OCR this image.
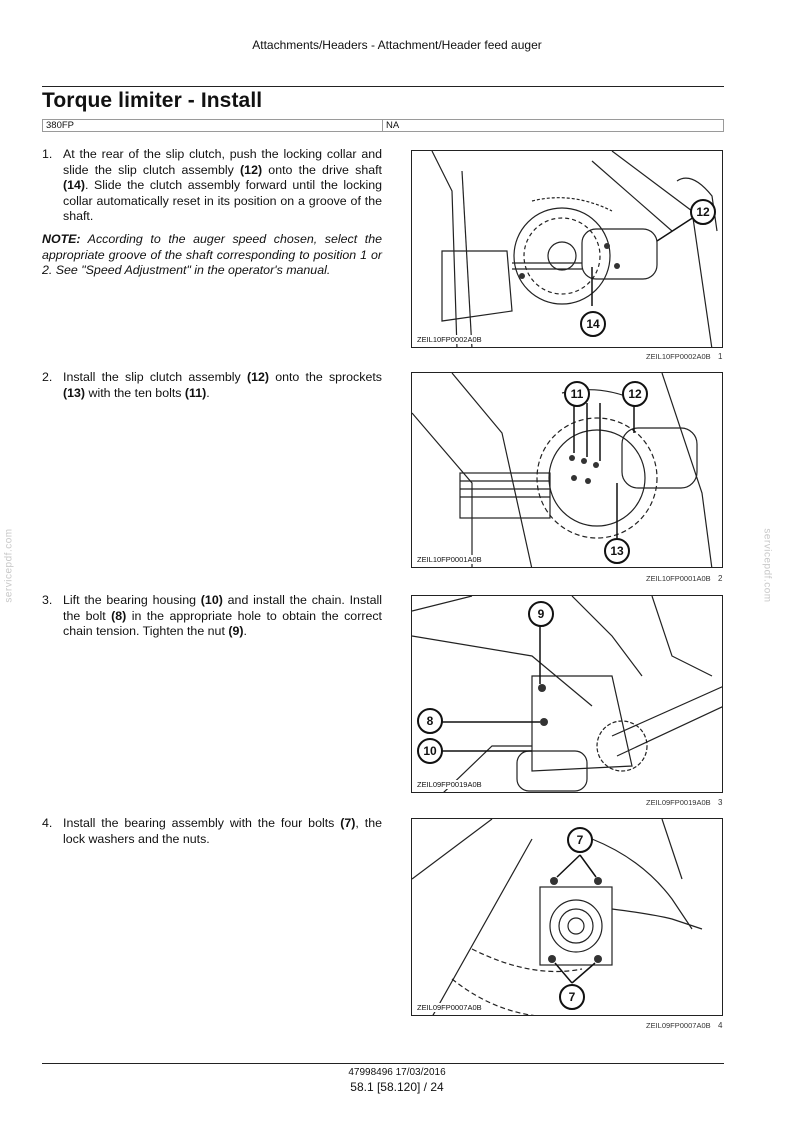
Attachments/Headers - Attachment/Header feed auger
Torque limiter - Install
380FP	NA
1. At the rear of the slip clutch, push the locking collar and slide the slip clutch assembly (12) onto the drive shaft (14). Slide the clutch assembly forward until the locking collar automatically reset in its position on a groove of the shaft.
NOTE: According to the auger speed chosen, select the appropriate groove of the shaft corresponding to position 1 or 2. See "Speed Adjustment" in the operator's manual.
12
14
ZEIL10FP0002A0B
ZEIL10FP0002A0B 1
2. Install the slip clutch assembly (12) onto the sprockets (13) with the ten bolts (11).	11	12
13
ZEIL10FP0001A0B
ZEIL10FP0001A0B 2
3. Lift the bearing housing (10) and install the chain. Install the bolt (8) in the appropriate hole to obtain the correct chain tension. Tighten the nut (9).
9
8
10
ZEIL09FP0019A0B
ZEIL09FP0019A0B 3
4. Install the bearing assembly with the four bolts (7), the lock washers and the nuts.	7
7
ZEIL09FP0007A0B
ZEIL09FP0007A0B 4
servicepdf.com	servicepdf.com
47998496 17/03/2016
58.1 [58.120] / 24
